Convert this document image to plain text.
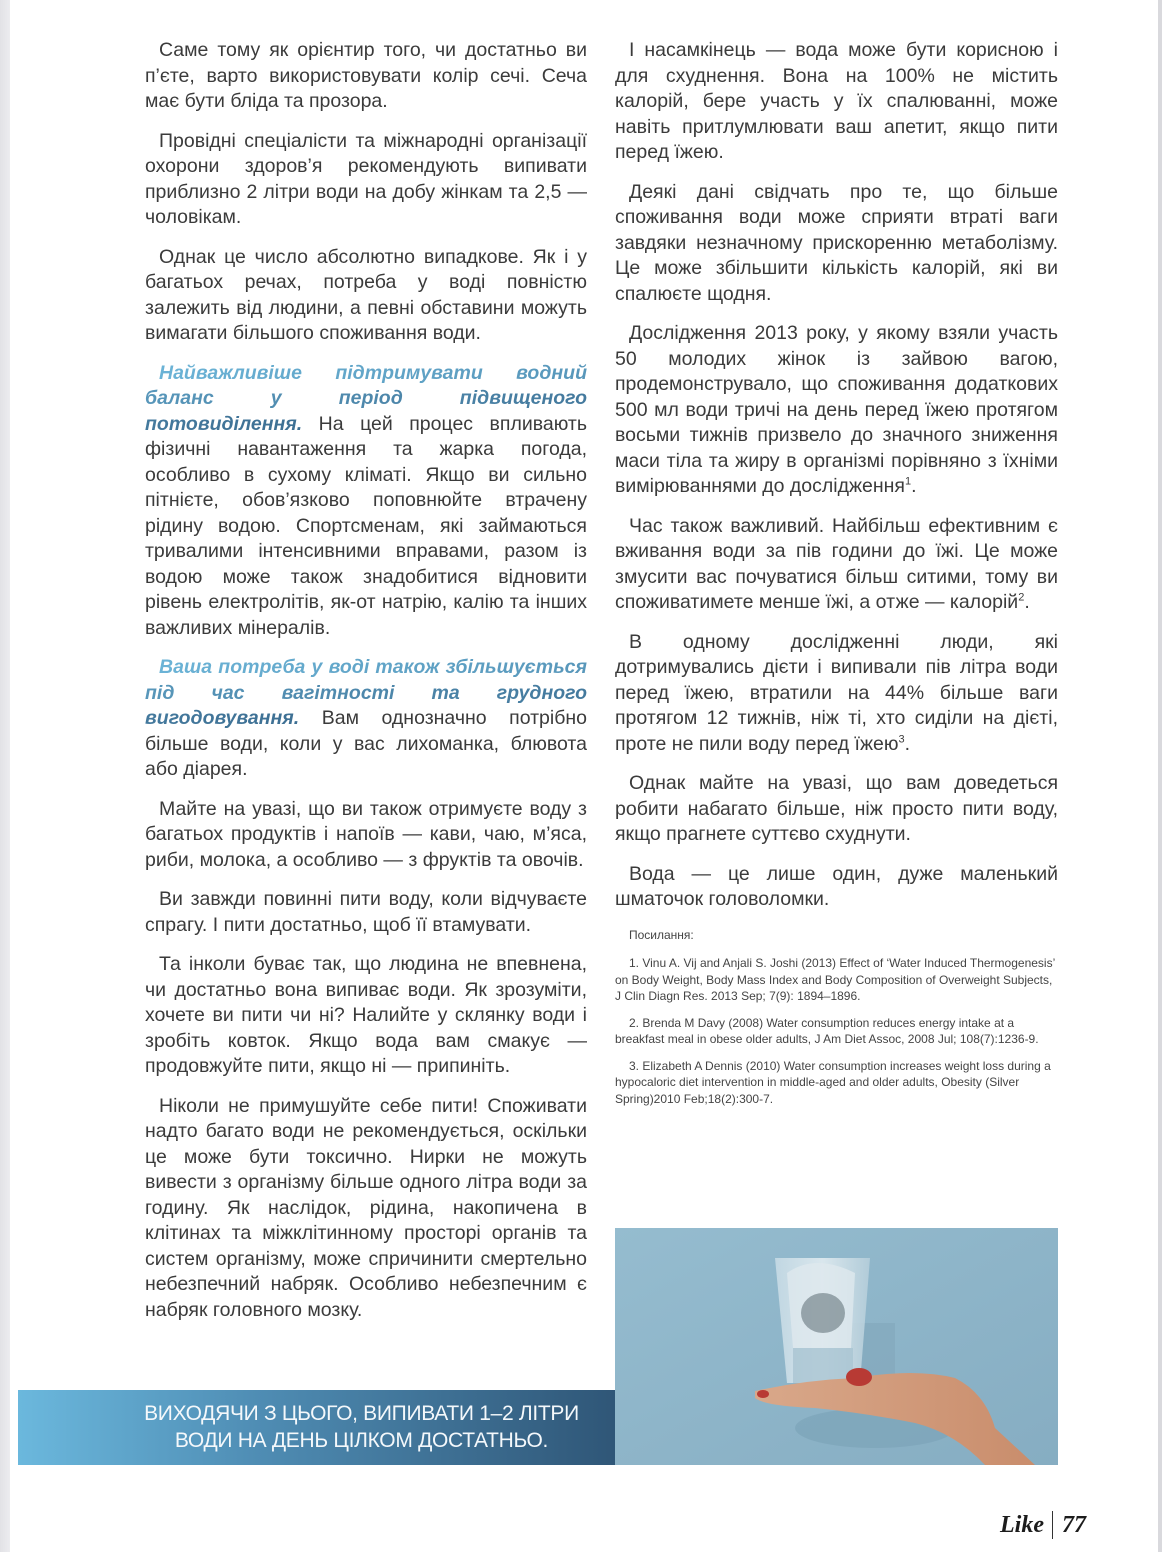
Саме тому як орієнтир того, чи достатньо ви п’єте, варто використовувати колір сечі. Сеча має бути бліда та прозора.

Провідні спеціалісти та міжнародні організації охорони здоров’я рекомендують випивати приблизно 2 літри води на добу жінкам та 2,5 — чоловікам.

Однак це число абсолютно випадкове. Як і у багатьох речах, потреба у воді повністю залежить від людини, а певні обставини можуть вимагати більшого споживання води.

Найважливіше підтримувати водний баланс у період підвищеного потовиділення. На цей процес впливають фізичні навантаження та жарка погода, особливо в сухому кліматі. Якщо ви сильно пітнієте, обов’язково поповнюйте втрачену рідину водою. Спортсменам, які займаються тривалими інтенсивними вправами, разом із водою може також знадобитися відновити рівень електролітів, як-от натрію, калію та інших важливих мінералів.

Ваша потреба у воді також збільшується під час вагітності та грудного вигодовування. Вам однозначно потрібно більше води, коли у вас лихоманка, блювота або діарея.

Майте на увазі, що ви також отримуєте воду з багатьох продуктів і напоїв — кави, чаю, м’яса, риби, молока, а особливо — з фруктів та овочів.

Ви завжди повинні пити воду, коли відчуваєте спрагу. І пити достатньо, щоб її втамувати.

Та інколи буває так, що людина не впевнена, чи достатньо вона випиває води. Як зрозуміти, хочете ви пити чи ні? Налийте у склянку води і зробіть ковток. Якщо вода вам смакує — продовжуйте пити, якщо ні — припиніть.

Ніколи не примушуйте себе пити! Споживати надто багато води не рекомендується, оскільки це може бути токсично. Нирки не можуть вивести з організму більше одного літра води за годину. Як наслідок, рідина, накопичена в клітинах та міжклітинному просторі органів та систем організму, може спричинити смертельно небезпечний набряк. Особливо небезпечним є набряк головного мозку.

І насамкінець — вода може бути корисною і для схуднення. Вона на 100% не містить калорій, бере участь у їх спалюванні, може навіть притлумлювати ваш апетит, якщо пити перед їжею.

Деякі дані свідчать про те, що більше споживання води може сприяти втраті ваги завдяки незначному прискоренню метаболізму. Це може збільшити кількість калорій, які ви спалюєте щодня.

Дослідження 2013 року, у якому взяли участь 50 молодих жінок із зайвою вагою, продемонструвало, що споживання додаткових 500 мл води тричі на день перед їжею протягом восьми тижнів призвело до значного зниження маси тіла та жиру в організмі порівняно з їхніми вимірюваннями до дослідження$^1$.

Час також важливий. Найбільш ефективним є вживання води за пів години до їжі. Це може змусити вас почуватися більш ситими, тому ви споживатимете менше їжі, а отже — калорій$^2$.

В одному дослідженні люди, які дотримувались дієти і випивали пів літра води перед їжею, втратили на 44% більше ваги протягом 12 тижнів, ніж ті, хто сиділи на дієті, проте не пили воду перед їжею$^3$.

Однак майте на увазі, що вам доведеться робити набагато більше, ніж просто пити воду, якщо прагнете суттєво схуднути.

Вода — це лише один, дуже маленький шматочок головоломки.

Посилання:

1. Vinu A. Vij and Anjali S. Joshi (2013) Effect of ‘Water Induced Thermogenesis’ on Body Weight, Body Mass Index and Body Composition of Overweight Subjects, J Clin Diagn Res. 2013 Sep; 7(9): 1894–1896.

2. Brenda M Davy (2008) Water consumption reduces energy intake at a breakfast meal in obese older adults, J Am Diet Assoc, 2008 Jul; 108(7):1236-9.

3. Elizabeth A Dennis (2010) Water consumption increases weight loss during a hypocaloric diet intervention in middle-aged and older adults, Obesity (Silver Spring)2010 Feb;18(2):300-7.

ВИХОДЯЧИ З ЦЬОГО, ВИПИВАТИ 1–2 ЛІТРИ
ВОДИ НА ДЕНЬ ЦІЛКОМ ДОСТАТНЬО.
Like 77
